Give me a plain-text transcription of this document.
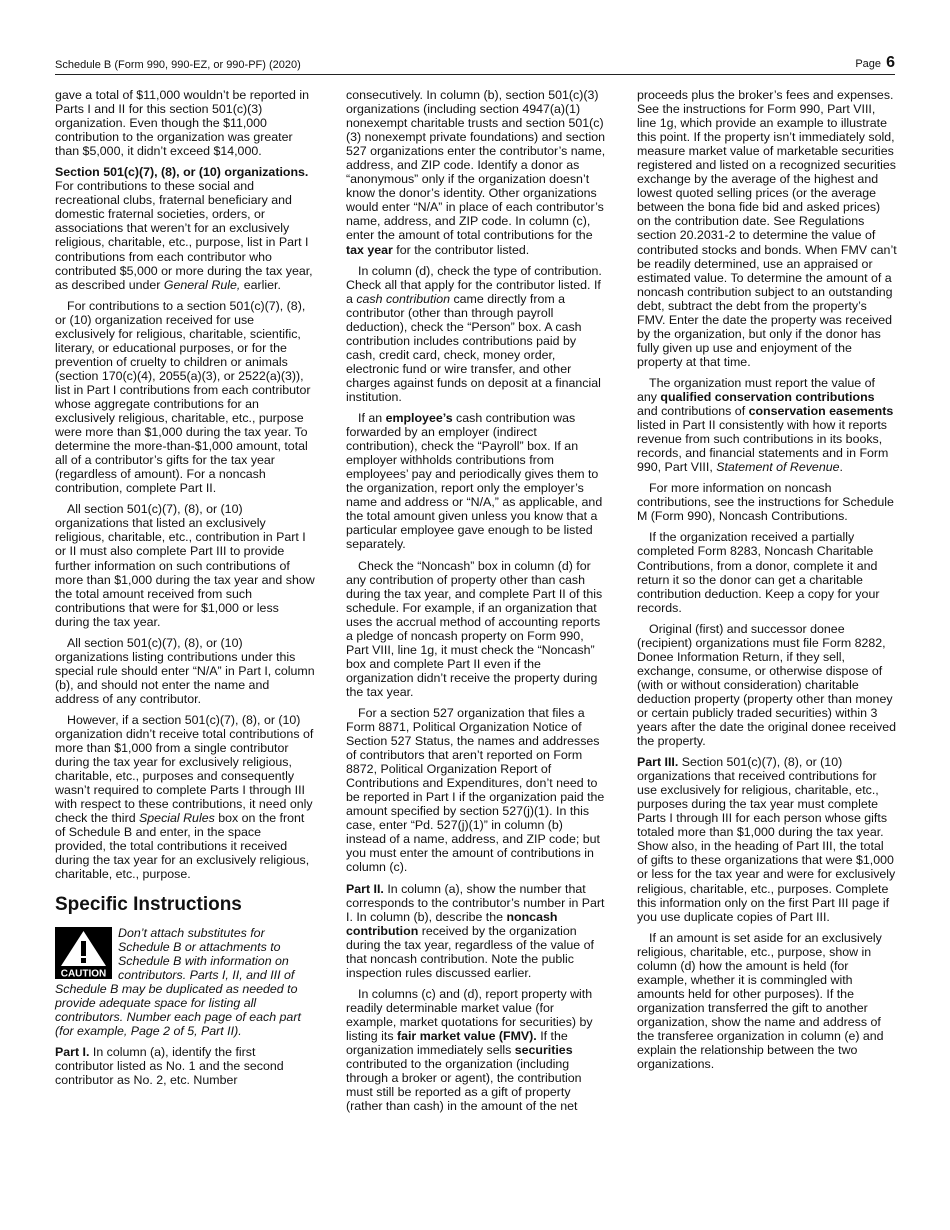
Schedule B (Form 990, 990-EZ, or 990-PF) (2020)	Page 6

gave a total of $11,000 wouldn’t be reported in Parts I and II for this section 501(c)(3) organization. Even though the $11,000 contribution to the organization was greater than $5,000, it didn’t exceed $14,000.

Section 501(c)(7), (8), or (10) organizations. For contributions to these social and recreational clubs, fraternal beneficiary and domestic fraternal societies, orders, or associations that weren’t for an exclusively religious, charitable, etc., purpose, list in Part I contributions from each contributor who contributed $5,000 or more during the tax year, as described under General Rule, earlier.

For contributions to a section 501(c)(7), (8), or (10) organization received for use exclusively for religious, charitable, scientific, literary, or educational purposes, or for the prevention of cruelty to children or animals (section 170(c)(4), 2055(a)(3), or 2522(a)(3)), list in Part I contributions from each contributor whose aggregate contributions for an exclusively religious, charitable, etc., purpose were more than $1,000 during the tax year. To determine the more-than-$1,000 amount, total all of a contributor’s gifts for the tax year (regardless of amount). For a noncash contribution, complete Part II.

All section 501(c)(7), (8), or (10) organizations that listed an exclusively religious, charitable, etc., contribution in Part I or II must also complete Part III to provide further information on such contributions of more than $1,000 during the tax year and show the total amount received from such contributions that were for $1,000 or less during the tax year.

All section 501(c)(7), (8), or (10) organizations listing contributions under this special rule should enter “N/A” in Part I, column (b), and should not enter the name and address of any contributor.

However, if a section 501(c)(7), (8), or (10) organization didn’t receive total contributions of more than $1,000 from a single contributor during the tax year for exclusively religious, charitable, etc., purposes and consequently wasn’t required to complete Parts I through III with respect to these contributions, it need only check the third Special Rules box on the front of Schedule B and enter, in the space provided, the total contributions it received during the tax year for an exclusively religious, charitable, etc., purpose.

Specific Instructions

CAUTION
Don’t attach substitutes for Schedule B or attachments to Schedule B with information on contributors. Parts I, II, and III of Schedule B may be duplicated as needed to provide adequate space for listing all contributors. Number each page of each part (for example, Page 2 of 5, Part II).

Part I. In column (a), identify the first contributor listed as No. 1 and the second contributor as No. 2, etc. Number

consecutively. In column (b), section 501(c)(3) organizations (including section 4947(a)(1) nonexempt charitable trusts and section 501(c)(3) nonexempt private foundations) and section 527 organizations enter the contributor’s name, address, and ZIP code. Identify a donor as “anonymous” only if the organization doesn’t know the donor’s identity. Other organizations would enter “N/A” in place of each contributor’s name, address, and ZIP code. In column (c), enter the amount of total contributions for the tax year for the contributor listed.

In column (d), check the type of contribution. Check all that apply for the contributor listed. If a cash contribution came directly from a contributor (other than through payroll deduction), check the “Person” box. A cash contribution includes contributions paid by cash, credit card, check, money order, electronic fund or wire transfer, and other charges against funds on deposit at a financial institution.

If an employee’s cash contribution was forwarded by an employer (indirect contribution), check the “Payroll” box. If an employer withholds contributions from employees’ pay and periodically gives them to the organization, report only the employer’s name and address or “N/A,” as applicable, and the total amount given unless you know that a particular employee gave enough to be listed separately.

Check the “Noncash” box in column (d) for any contribution of property other than cash during the tax year, and complete Part II of this schedule. For example, if an organization that uses the accrual method of accounting reports a pledge of noncash property on Form 990, Part VIII, line 1g, it must check the “Noncash” box and complete Part II even if the organization didn’t receive the property during the tax year.

For a section 527 organization that files a Form 8871, Political Organization Notice of Section 527 Status, the names and addresses of contributors that aren’t reported on Form 8872, Political Organization Report of Contributions and Expenditures, don’t need to be reported in Part I if the organization paid the amount specified by section 527(j)(1). In this case, enter “Pd. 527(j)(1)” in column (b) instead of a name, address, and ZIP code; but you must enter the amount of contributions in column (c).

Part II. In column (a), show the number that corresponds to the contributor’s number in Part I. In column (b), describe the noncash contribution received by the organization during the tax year, regardless of the value of that noncash contribution. Note the public inspection rules discussed earlier.

In columns (c) and (d), report property with readily determinable market value (for example, market quotations for securities) by listing its fair market value (FMV). If the organization immediately sells securities contributed to the organization (including through a broker or agent), the contribution must still be reported as a gift of property (rather than cash) in the amount of the net

proceeds plus the broker’s fees and expenses. See the instructions for Form 990, Part VIII, line 1g, which provide an example to illustrate this point. If the property isn’t immediately sold, measure market value of marketable securities registered and listed on a recognized securities exchange by the average of the highest and lowest quoted selling prices (or the average between the bona fide bid and asked prices) on the contribution date. See Regulations section 20.2031-2 to determine the value of contributed stocks and bonds. When FMV can’t be readily determined, use an appraised or estimated value. To determine the amount of a noncash contribution subject to an outstanding debt, subtract the debt from the property’s FMV. Enter the date the property was received by the organization, but only if the donor has fully given up use and enjoyment of the property at that time.

The organization must report the value of any qualified conservation contributions and contributions of conservation easements listed in Part II consistently with how it reports revenue from such contributions in its books, records, and financial statements and in Form 990, Part VIII, Statement of Revenue.

For more information on noncash contributions, see the instructions for Schedule M (Form 990), Noncash Contributions.

If the organization received a partially completed Form 8283, Noncash Charitable Contributions, from a donor, complete it and return it so the donor can get a charitable contribution deduction. Keep a copy for your records.

Original (first) and successor donee (recipient) organizations must file Form 8282, Donee Information Return, if they sell, exchange, consume, or otherwise dispose of (with or without consideration) charitable deduction property (property other than money or certain publicly traded securities) within 3 years after the date the original donee received the property.

Part III. Section 501(c)(7), (8), or (10) organizations that received contributions for use exclusively for religious, charitable, etc., purposes during the tax year must complete Parts I through III for each person whose gifts totaled more than $1,000 during the tax year. Show also, in the heading of Part III, the total of gifts to these organizations that were $1,000 or less for the tax year and were for exclusively religious, charitable, etc., purposes. Complete this information only on the first Part III page if you use duplicate copies of Part III.

If an amount is set aside for an exclusively religious, charitable, etc., purpose, show in column (d) how the amount is held (for example, whether it is commingled with amounts held for other purposes). If the organization transferred the gift to another organization, show the name and address of the transferee organization in column (e) and explain the relationship between the two organizations.
